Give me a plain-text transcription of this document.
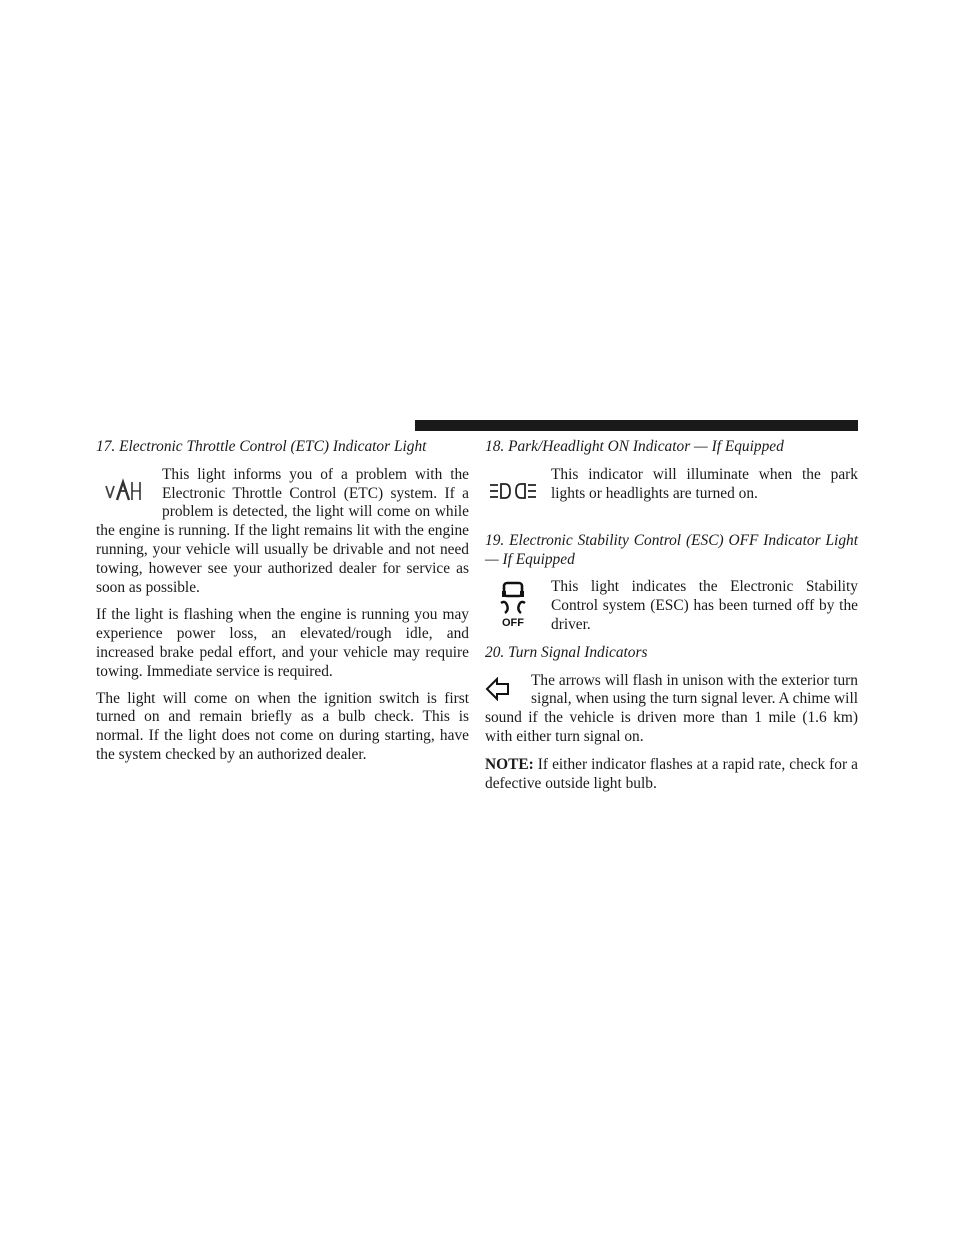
17. Electronic Throttle Control (ETC) Indicator Light
This light informs you of a problem with the Electronic Throttle Control (ETC) system. If a problem is detected, the light will come on while the engine is running. If the light remains lit with the engine running, your vehicle will usually be drivable and not need towing, however see your authorized dealer for service as soon as possible.

If the light is flashing when the engine is running you may experience power loss, an elevated/rough idle, and increased brake pedal effort, and your vehicle may require towing. Immediate service is required.

The light will come on when the ignition switch is first turned on and remain briefly as a bulb check. This is normal. If the light does not come on during starting, have the system checked by an authorized dealer.

18. Park/Headlight ON Indicator — If Equipped
This indicator will illuminate when the park lights or headlights are turned on.
19. Electronic Stability Control (ESC) OFF Indicator Light — If Equipped
OFF
This light indicates the Electronic Stability Control system (ESC) has been turned off by the driver.
20. Turn Signal Indicators
The arrows will flash in unison with the exterior turn signal, when using the turn signal lever. A chime will sound if the vehicle is driven more than 1 mile (1.6 km) with either turn signal on.

NOTE: If either indicator flashes at a rapid rate, check for a defective outside light bulb.
